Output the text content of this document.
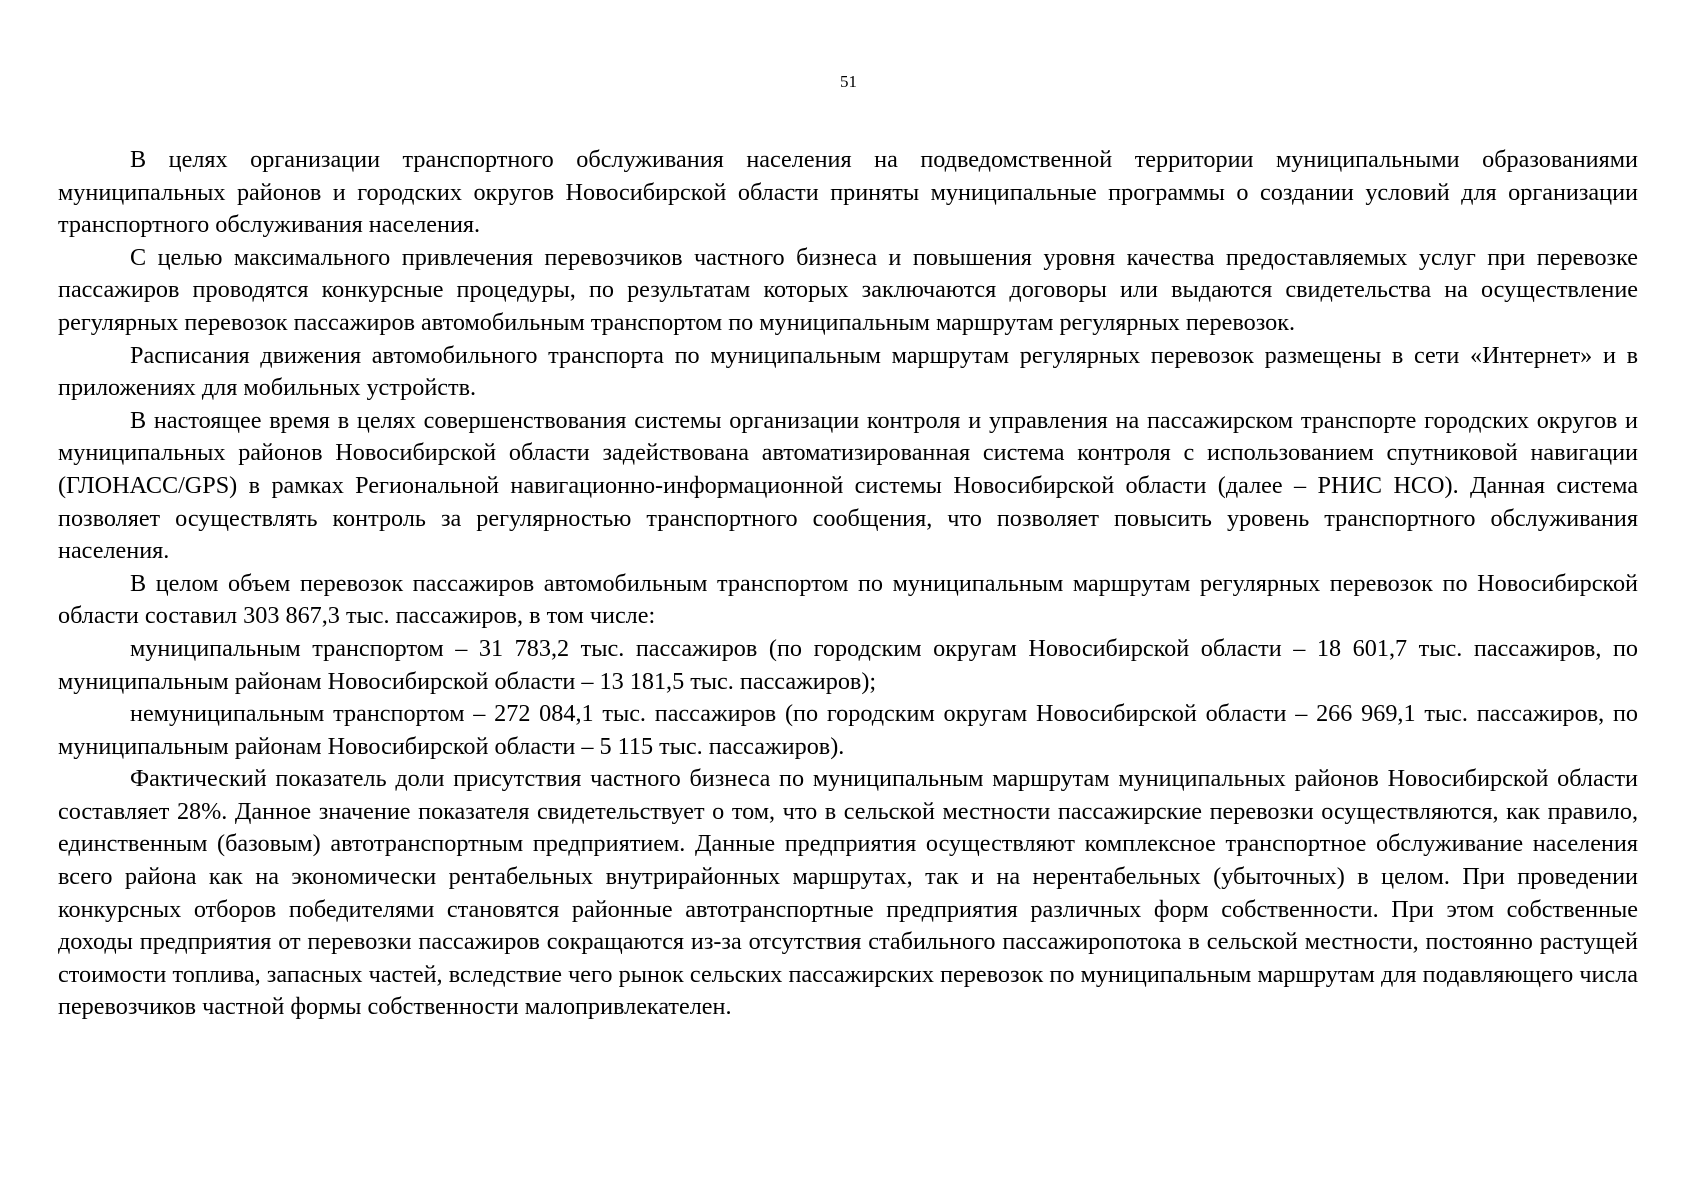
51

В целях организации транспортного обслуживания населения на подведомственной территории муниципальными образованиями муниципальных районов и городских округов Новосибирской области приняты муниципальные программы о создании условий для организации транспортного обслуживания населения.

С целью максимального привлечения перевозчиков частного бизнеса и повышения уровня качества предоставляемых услуг при перевозке пассажиров проводятся конкурсные процедуры, по результатам которых заключаются договоры или выдаются свидетельства на осуществление регулярных перевозок пассажиров автомобильным транспортом по муниципальным маршрутам регулярных перевозок.

Расписания движения автомобильного транспорта по муниципальным маршрутам регулярных перевозок размещены в сети «Интернет» и в приложениях для мобильных устройств.

В настоящее время в целях совершенствования системы организации контроля и управления на пассажирском транспорте городских округов и муниципальных районов Новосибирской области задействована автоматизированная система контроля с использованием спутниковой навигации (ГЛОНАСС/GPS) в рамках Региональной навигационно-информационной системы Новосибирской области (далее – РНИС НСО). Данная система позволяет осуществлять контроль за регулярностью транспортного сообщения, что позволяет повысить уровень транспортного обслуживания населения.

В целом объем перевозок пассажиров автомобильным транспортом по муниципальным маршрутам регулярных перевозок по Новосибирской области составил 303 867,3 тыс. пассажиров, в том числе:

муниципальным транспортом – 31 783,2 тыс. пассажиров (по городским округам Новосибирской области – 18 601,7 тыс. пассажиров, по муниципальным районам Новосибирской области – 13 181,5 тыс. пассажиров);

немуниципальным транспортом – 272 084,1 тыс. пассажиров (по городским округам Новосибирской области – 266 969,1 тыс. пассажиров, по муниципальным районам Новосибирской области – 5 115 тыс. пассажиров).

Фактический показатель доли присутствия частного бизнеса по муниципальным маршрутам муниципальных районов Новосибирской области составляет 28%. Данное значение показателя свидетельствует о том, что в сельской местности пассажирские перевозки осуществляются, как правило, единственным (базовым) автотранспортным предприятием. Данные предприятия осуществляют комплексное транспортное обслуживание населения всего района как на экономически рентабельных внутрирайонных маршрутах, так и на нерентабельных (убыточных) в целом. При проведении конкурсных отборов победителями становятся районные автотранспортные предприятия различных форм собственности. При этом собственные доходы предприятия от перевозки пассажиров сокращаются из-за отсутствия стабильного пассажиропотока в сельской местности, постоянно растущей стоимости топлива, запасных частей, вследствие чего рынок сельских пассажирских перевозок по муниципальным маршрутам для подавляющего числа перевозчиков частной формы собственности малопривлекателен.
